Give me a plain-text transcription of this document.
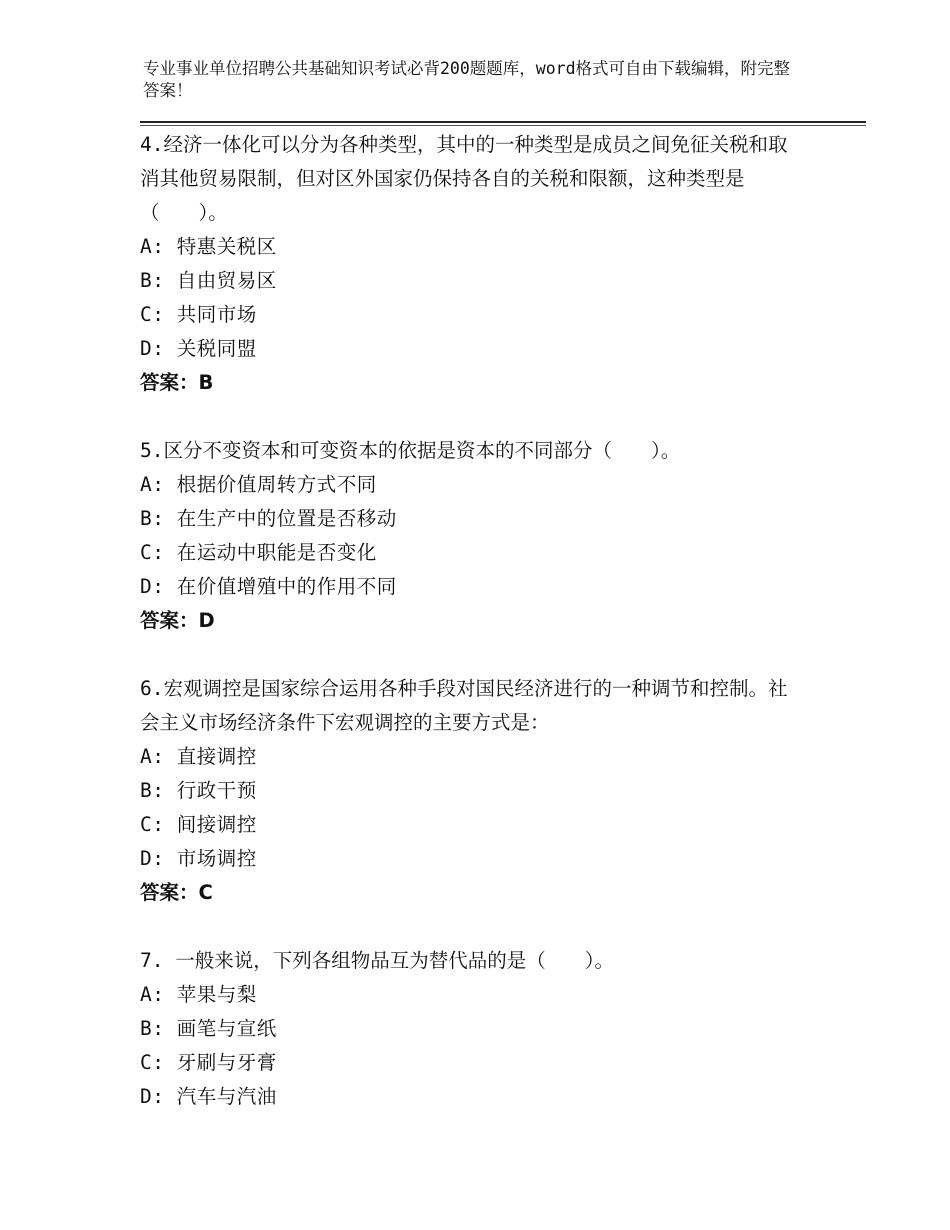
专业事业单位招聘公共基础知识考试必背200题题库，word格式可自由下载编辑，附完整答案！

4.经济一体化可以分为各种类型，其中的一种类型是成员之间免征关税和取消其他贸易限制，但对区外国家仍保持各自的关税和限额，这种类型是（　　）。

A: 特惠关税区

B: 自由贸易区

C: 共同市场

D: 关税同盟

答案：B

5.区分不变资本和可变资本的依据是资本的不同部分（　　）。

A: 根据价值周转方式不同

B: 在生产中的位置是否移动

C: 在运动中职能是否变化

D: 在价值增殖中的作用不同

答案：D

6.宏观调控是国家综合运用各种手段对国民经济进行的一种调节和控制。社会主义市场经济条件下宏观调控的主要方式是：

A: 直接调控

B: 行政干预

C: 间接调控

D: 市场调控

答案：C

7. 一般来说，下列各组物品互为替代品的是（　　）。

A: 苹果与梨

B: 画笔与宣纸

C: 牙刷与牙膏

D: 汽车与汽油
